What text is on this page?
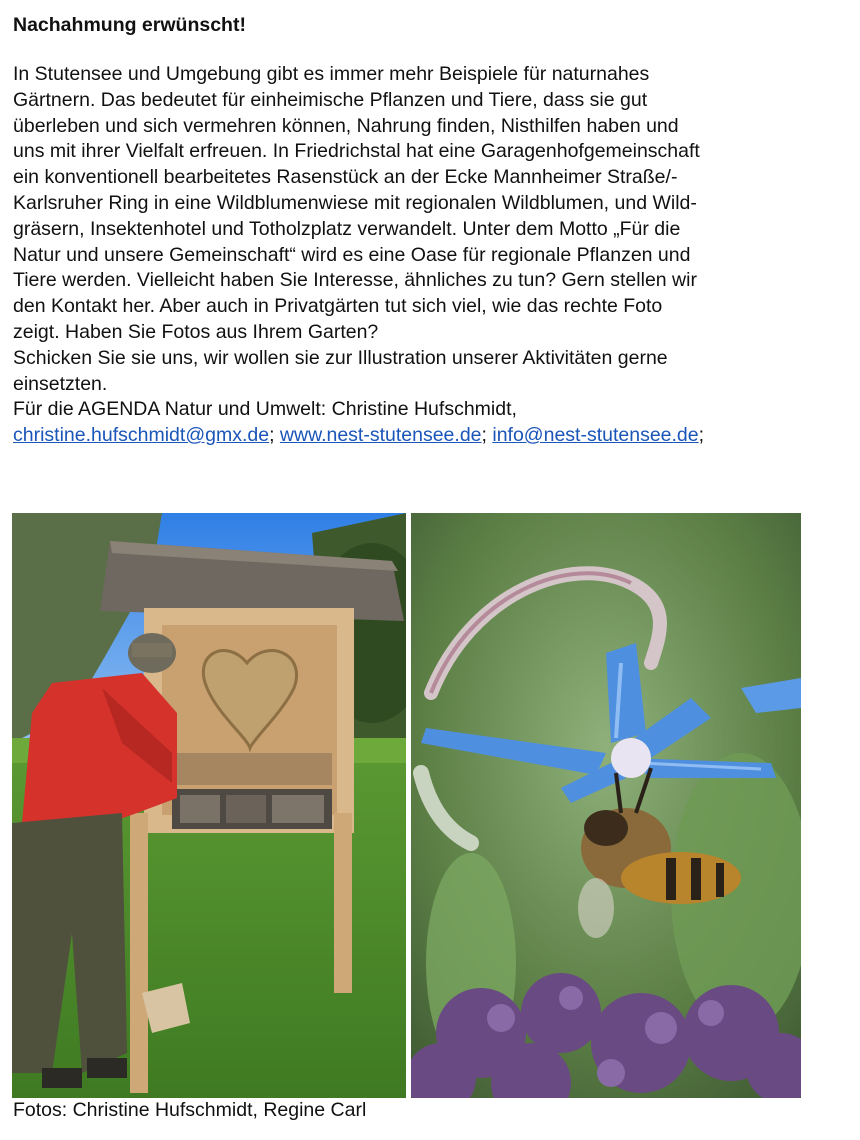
Nachahmung erwünscht!
In Stutensee und Umgebung gibt es immer mehr Beispiele für naturnahes
Gärtnern. Das bedeutet für einheimische Pflanzen und Tiere, dass sie gut
überleben und sich vermehren können, Nahrung finden, Nisthilfen haben und
uns mit ihrer Vielfalt erfreuen. In Friedrichstal hat eine Garagenhofgemeinschaft
ein konventionell bearbeitetes Rasenstück an der Ecke Mannheimer Straße/-
Karlsruher Ring in eine Wildblumenwiese mit regionalen Wildblumen, und Wild-
gräsern, Insektenhotel und Totholzplatz verwandelt. Unter dem Motto „Für die
Natur und unsere Gemeinschaft“ wird es eine Oase für regionale Pflanzen und
Tiere werden. Vielleicht haben Sie Interesse, ähnliches zu tun? Gern stellen wir
den Kontakt her. Aber auch in Privatgärten tut sich viel, wie das rechte Foto
zeigt. Haben Sie Fotos aus Ihrem Garten?
Schicken Sie sie uns, wir wollen sie zur Illustration unserer Aktivitäten gerne
einsetzten.
Für die AGENDA Natur und Umwelt: Christine Hufschmidt,
christine.hufschmidt@gmx.de; www.nest-stutensee.de; info@nest-stutensee.de;
Fotos: Christine Hufschmidt, Regine Carl
